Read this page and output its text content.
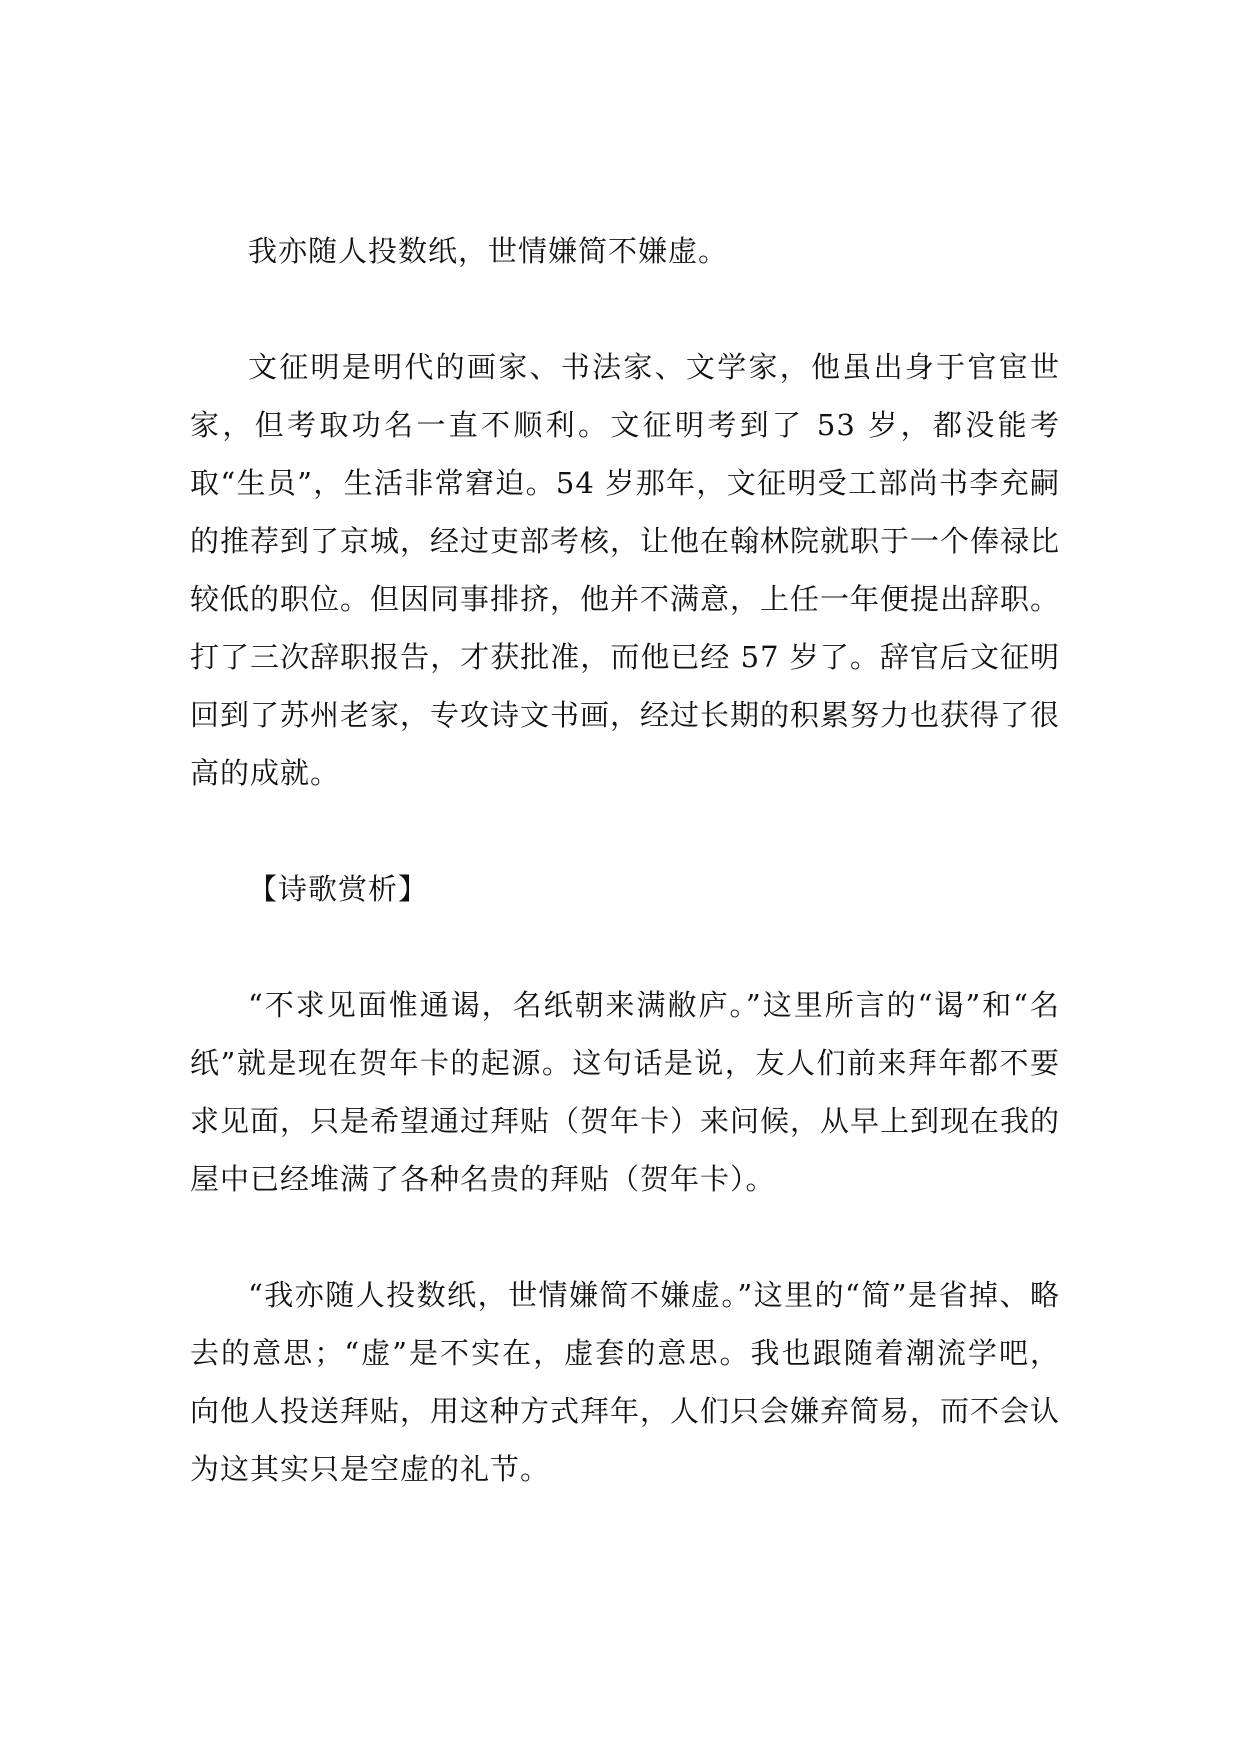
我亦随人投数纸，世情嫌简不嫌虚。

文征明是明代的画家、书法家、文学家，他虽出身于官宦世家，但考取功名一直不顺利。文征明考到了 53 岁，都没能考取“生员”，生活非常窘迫。54 岁那年，文征明受工部尚书李充嗣的推荐到了京城，经过吏部考核，让他在翰林院就职于一个俸禄比较低的职位。但因同事排挤，他并不满意，上任一年便提出辞职。打了三次辞职报告，才获批准，而他已经 57 岁了。辞官后文征明回到了苏州老家，专攻诗文书画，经过长期的积累努力也获得了很高的成就。

【诗歌赏析】

“不求见面惟通谒，名纸朝来满敝庐。”这里所言的“谒”和“名纸”就是现在贺年卡的起源。这句话是说，友人们前来拜年都不要求见面，只是希望通过拜贴（贺年卡）来问候，从早上到现在我的屋中已经堆满了各种名贵的拜贴（贺年卡）。

“我亦随人投数纸，世情嫌简不嫌虚。”这里的“简”是省掉、略去的意思；“虚”是不实在，虚套的意思。我也跟随着潮流学吧，向他人投送拜贴，用这种方式拜年，人们只会嫌弃简易，而不会认为这其实只是空虚的礼节。
